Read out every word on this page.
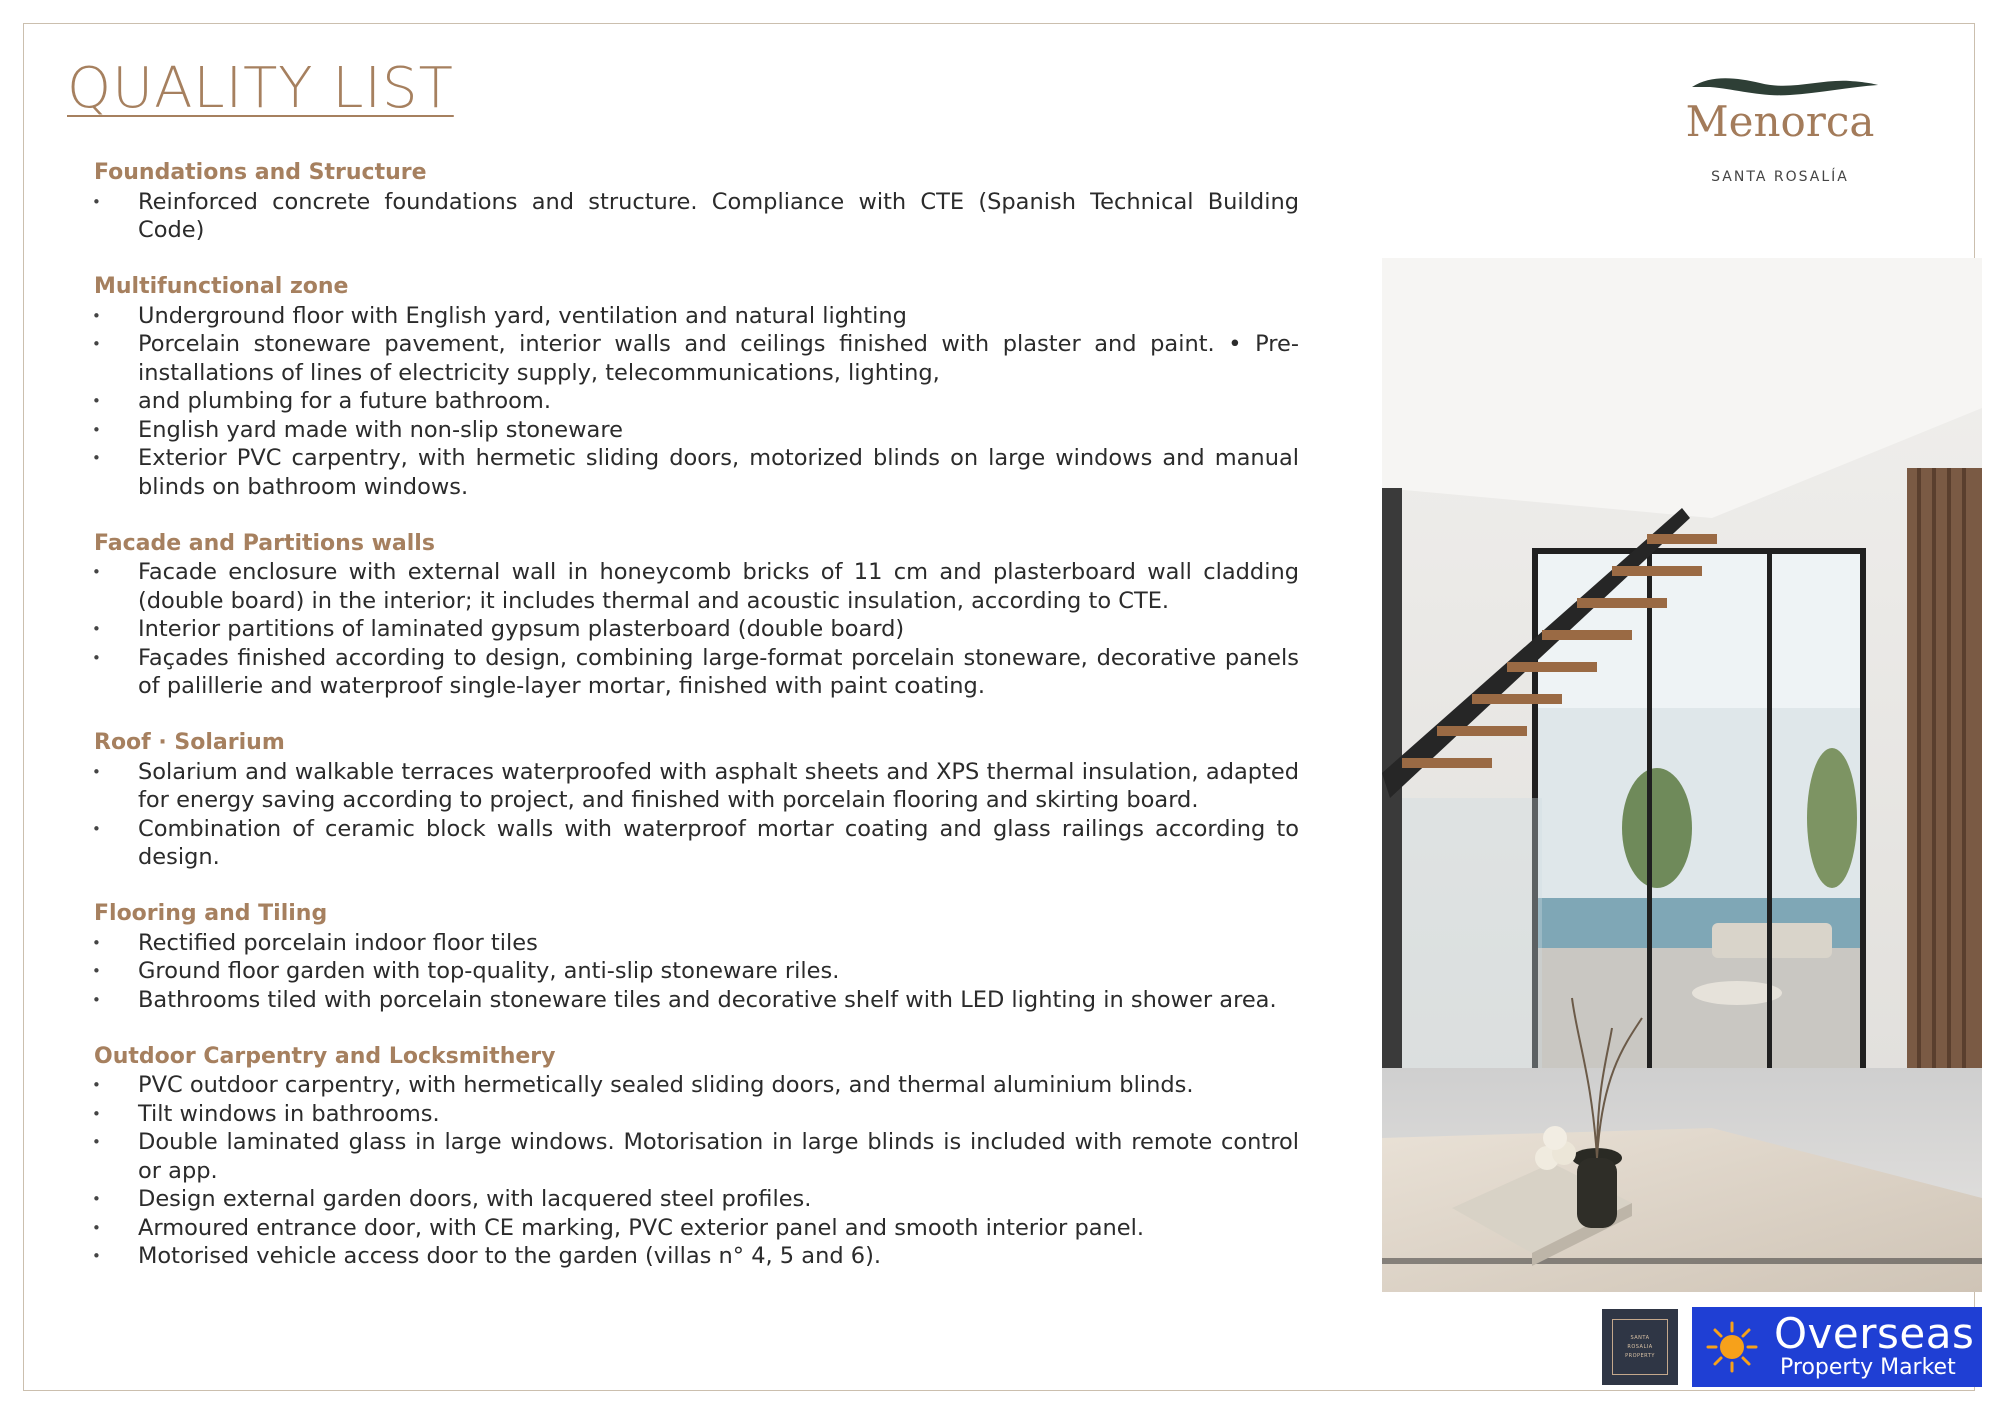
QUALITY LIST
Menorca
SANTA ROSALÍA
Foundations and Structure
• Reinforced concrete foundations and structure. Compliance with CTE (Spanish Technical Building Code)
Multifunctional zone
• Underground floor with English yard, ventilation and natural lighting
• Porcelain stoneware pavement, interior walls and ceilings finished with plaster and paint. • Pre-installations of lines of electricity supply, telecommunications, lighting,
• and plumbing for a future bathroom.
• English yard made with non-slip stoneware
• Exterior PVC carpentry, with hermetic sliding doors, motorized blinds on large windows and manual blinds on bathroom windows.
Facade and Partitions walls
• Facade enclosure with external wall in honeycomb bricks of 11 cm and plasterboard wall cladding (double board) in the interior; it includes thermal and acoustic insulation, according to CTE.
• Interior partitions of laminated gypsum plasterboard (double board)
• Façades finished according to design, combining large-format porcelain stoneware, decorative panels of palillerie and waterproof single-layer mortar, finished with paint coating.
Roof · Solarium
• Solarium and walkable terraces waterproofed with asphalt sheets and XPS thermal insulation, adapted for energy saving according to project, and finished with porcelain flooring and skirting board.
• Combination of ceramic block walls with waterproof mortar coating and glass railings according to design.
Flooring and Tiling
• Rectified porcelain indoor floor tiles
• Ground floor garden with top-quality, anti-slip stoneware riles.
• Bathrooms tiled with porcelain stoneware tiles and decorative shelf with LED lighting in shower area.
Outdoor Carpentry and Locksmithery
• PVC outdoor carpentry, with hermetically sealed sliding doors, and thermal aluminium blinds.
• Tilt windows in bathrooms.
• Double laminated glass in large windows. Motorisation in large blinds is included with remote control or app.
• Design external garden doors, with lacquered steel profiles.
• Armoured entrance door, with CE marking, PVC exterior panel and smooth interior panel.
• Motorised vehicle access door to the garden (villas n° 4, 5 and 6).
SANTA
ROSALIA
PROPERTY	Overseas
Property Market
